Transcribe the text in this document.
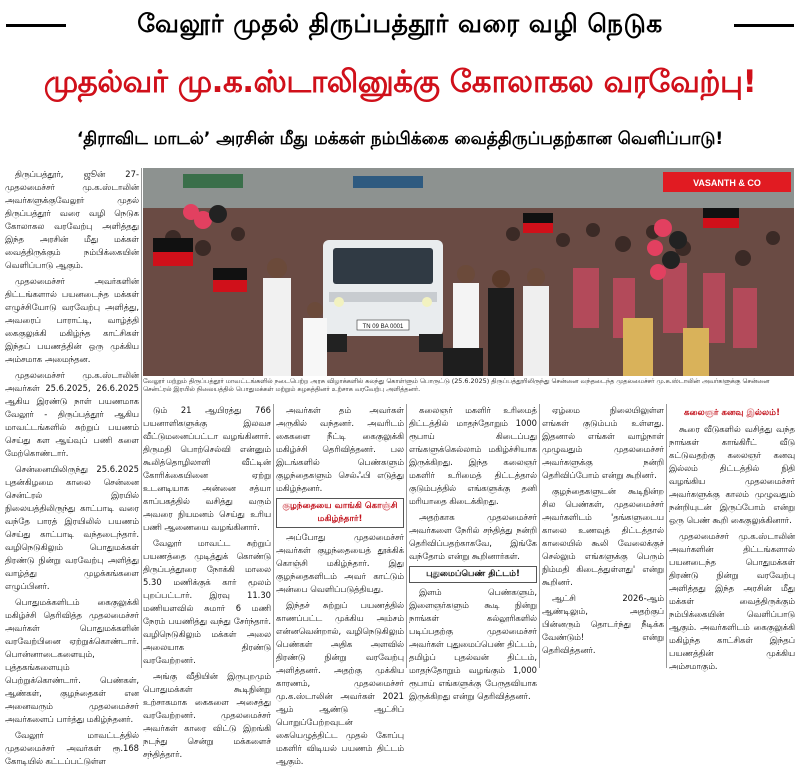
வேலூர் முதல் திருப்பத்தூர் வரை வழி நெடுக
முதல்வர் மு.க.ஸ்டாலினுக்கு கோலாகல வரவேற்பு!
‘திராவிட மாடல்’ அரசின் மீது மக்கள் நம்பிக்கை வைத்திருப்பதற்கான வெளிப்பாடு!

திருப்பத்தூர், ஜூன் 27- முதலமைச்சர் மு.க.ஸ்டாலின் அவர்களுக்குவேலூர் முதல் திருப்பத்தூர் வரை வழி நெடுக கோலாகல வரவேற்பு அளித்தது இந்த அரசின் மீது மக்கள் வைத்திருக்கும் நம்பிக்கையின் வெளிப்பாடு ஆகும்.

முதலமைச்சர் அவர்களின் திட்டங்களால் பயனடைந்த மக்கள் எழுச்சியோடு வரவேற்பு அளித்து, அவரைப் பாராட்டி, வாழ்த்தி கைகுலுக்கி மகிழ்ந்த காட்சிகள் இந்தப் பயணத்தின் ஒரு முக்கிய அம்சமாக அமைந்தன.

முதலமைச்சர் மு.க.ஸ்டாலின் அவர்கள் 25.6.2025, 26.6.2025 ஆகிய இரண்டு நாள் பயணமாக வேலூர் - திருப்பத்தூர் ஆகிய மாவட்டங்களில் சுற்றுப் பயணம் செய்து கள ஆய்வுப் பணி களை மேற்கொண்டார்.

சென்னையிலிருந்து 25.6.2025 புதன்கிழமை காலை சென்னை சென்ட்ரல் இரயில் நிலையத்திலிருந்து காட்பாடி வரை வந்தே பாரத் இரயிலில் பயணம் செய்து காட்பாடி வந்தடைந்தார். வழிநெடுகிலும் பொதுமக்கள் திரண்டு நின்று வரவேற்பு அளித்து வாழ்த்து முழக்கங்களை எழுப்பினர்.

பொதுமக்களிடம் கைகுலுக்கி மகிழ்ச்சி தெரிவித்த முதலமைச்சர் அவர்கள் பொதுமக்களின் வரவேற்பினை ஏற்றுக்கொண்டார். பொன்னாடைகளையும், புத்தகங்களையும் பெற்றுக்கொண்டார். பெண்கள், ஆண்கள், குழந்தைகள் என அனைவரும் முதலமைச்சர் அவர்களைப் பார்த்து மகிழ்ந்தனர்.

வேலூர் மாவட்டத்தில் முதலமைச்சர் அவர்கள் ரூ.168 கோடியில் கட்டப்பட்டுள்ள

VASANTH & CO
TN 09 BA 0001
வேலூர் மற்றும் திருப்பத்தூர் மாவட்டங்களில் நடைபெற்ற அரசு விழாக்களில் கலந்து கொள்ளும் பொருட்டு (25.6.2025) திருப்பத்தூரிலிருந்து சென்னை வந்தடைந்த முதலமைச்சர் மு.க.ஸ்டாலின் அவர்களுக்கு சென்னை சென்ட்ரல் இரயில் நிலையத்தில் பொதுமக்கள் மற்றும் கழகத்தினர் உற்சாக வரவேற்பு அளித்தனர்.

டும் 21 ஆயிரத்து 766 பயனாளிகளுக்கு இலவச வீட்டுமனைப்பட்டா வழங்கினார். திருமதி பொற்செல்வி என்னும் கூலித்தொழிலாளி வீட்டின் கோரிக்கையினை ஏற்று உடனடியாக அன்னை சத்யா காப்பகத்தில் வசித்து வரும் அவரை நியமனம் செய்து உரிய பணி ஆணையை வழங்கினார்.

வேலூர் மாவட்ட சுற்றுப் பயணத்தை முடித்துக் கொண்டு திருப்பத்தூரை நோக்கி மாலை 5.30 மணிக்குக் கார் மூலம் புறப்பட்டார். இரவு 11.30 மணியளவில் சுமார் 6 மணி நேரம் பயணித்து வந்து சேர்ந்தார். வழிநெடுகிலும் மக்கள் அலை அலையாக திரண்டு வரவேற்றனர்.

அங்கு வீதியின் இருபுறமும் பொதுமக்கள் கூடிநின்று உற்சாகமாக கைகளை அசைத்து வரவேற்றனர். முதலமைச்சர் அவர்கள் காரை விட்டு இறங்கி நடந்து சென்று மக்களைச் சந்தித்தார்.

அவர்கள் தம் அவர்கள் அருகில் வந்தனர். அவரிடம் கைகளை நீட்டி கைகுலுக்கி மகிழ்ச்சி தெரிவித்தனர். பல இடங்களில் பெண்களும் குழந்தைகளும் செல்ஃபி எடுத்து மகிழ்ந்தனர்.

குழந்தையை வாங்கி கொஞ்சி மகிழ்ந்தார்!

அப்போது முதலமைச்சர் அவர்கள் குழந்தையைத் தூக்கிக் கொஞ்சி மகிழ்ந்தார். இது குழந்தைகளிடம் அவர் காட்டும் அன்பை வெளிப்படுத்தியது.

இந்தச் சுற்றுப் பயணத்தில் காணப்பட்ட முக்கிய அம்சம் என்னவென்றால், வழிநெடுகிலும் பெண்கள் அதிக அளவில் திரண்டு நின்று வரவேற்பு அளித்தனர். அதற்கு முக்கிய காரணம், முதலமைச்சர் மு.க.ஸ்டாலின் அவர்கள் 2021 ஆம் ஆண்டு ஆட்சிப் பொறுப்பேற்றவுடன் கையெழுத்திட்ட முதல் கோப்பு மகளிர் விடியல் பயணம் திட்டம் ஆகும்.

கலைஞர் மகளிர் உரிமைத் திட்டத்தில் மாதந்தோறும் 1000 ரூபாய் கிடைப்பது எங்களுக்கெல்லாம் மகிழ்ச்சியாக இருக்கிறது. இந்த கலைஞர் மகளிர் உரிமைத் திட்டத்தால் குடும்பத்தில் எங்களுக்கு தனி மரியாதை கிடைக்கிறது.

அதற்காக முதலமைச்சர் அவர்களை நேரில் சந்தித்து நன்றி தெரிவிப்பதற்காகவே, இங்கே வந்தோம் என்று கூறினார்கள்.

புதுமைப்பெண் திட்டம்!

இளம் பெண்களும், இளைஞர்களும் கூடி நின்று நாங்கள் கல்லூரிகளில் படிப்பதற்கு முதலமைச்சர் அவர்கள் புதுமைப்பெண் திட்டம், தமிழ்ப் புதல்வன் திட்டம், மாதந்தோறும் வழங்கும் 1,000 ரூபாய் எங்களுக்கு பேருதவியாக இருக்கிறது என்று தெரிவித்தனர்.

ஏழ்மை நிலையிலுள்ள எங்கள் குடும்பம் உள்ளது. இதனால் எங்கள் வாழ்நாள் முழுவதும் முதலமைச்சர் அவர்களுக்கு நன்றி தெரிவிப்போம் என்று கூறினர்.

குழந்தைகளுடன் கூடிநின்ற சில பெண்கள், முதலமைச்சர் அவர்களிடம் 'தங்களுடைய காலை உணவுத் திட்டத்தால் காலையில் கூலி வேலைக்குச் செல்லும் எங்களுக்கு பெரும் நிம்மதி கிடைத்துள்ளது' என்று கூறினர்.

ஆட்சி 2026-ஆம் ஆண்டிலும், அதற்குப் பின்னரும் தொடர்ந்து நீடிக்க வேண்டும்! என்று தெரிவித்தனர்.

கலைஞர் கனவு இல்லம்!

கூரை வீடுகளில் வசித்து வந்த நாங்கள் காங்கிரீட் வீடு கட்டுவதற்கு கலைஞர் கனவு இல்லம் திட்டத்தில் நிதி வழங்கிய முதலமைச்சர் அவர்களுக்கு காலம் முழுவதும் நன்றியுடன் இருப்போம் என்று ஒரு பெண் கூறி கைகுலுக்கினார்.

முதலமைச்சர் மு.க.ஸ்டாலின் அவர்களின் திட்டங்களால் பயனடைந்த பொதுமக்கள் திரண்டு நின்று வரவேற்பு அளித்தது இந்த அரசின் மீது மக்கள் வைத்திருக்கும் நம்பிக்கையின் வெளிப்பாடு ஆகும். அவர்களிடம் கைகுலுக்கி மகிழ்ந்த காட்சிகள் இந்தப் பயணத்தின் முக்கிய அம்சமாகும்.
